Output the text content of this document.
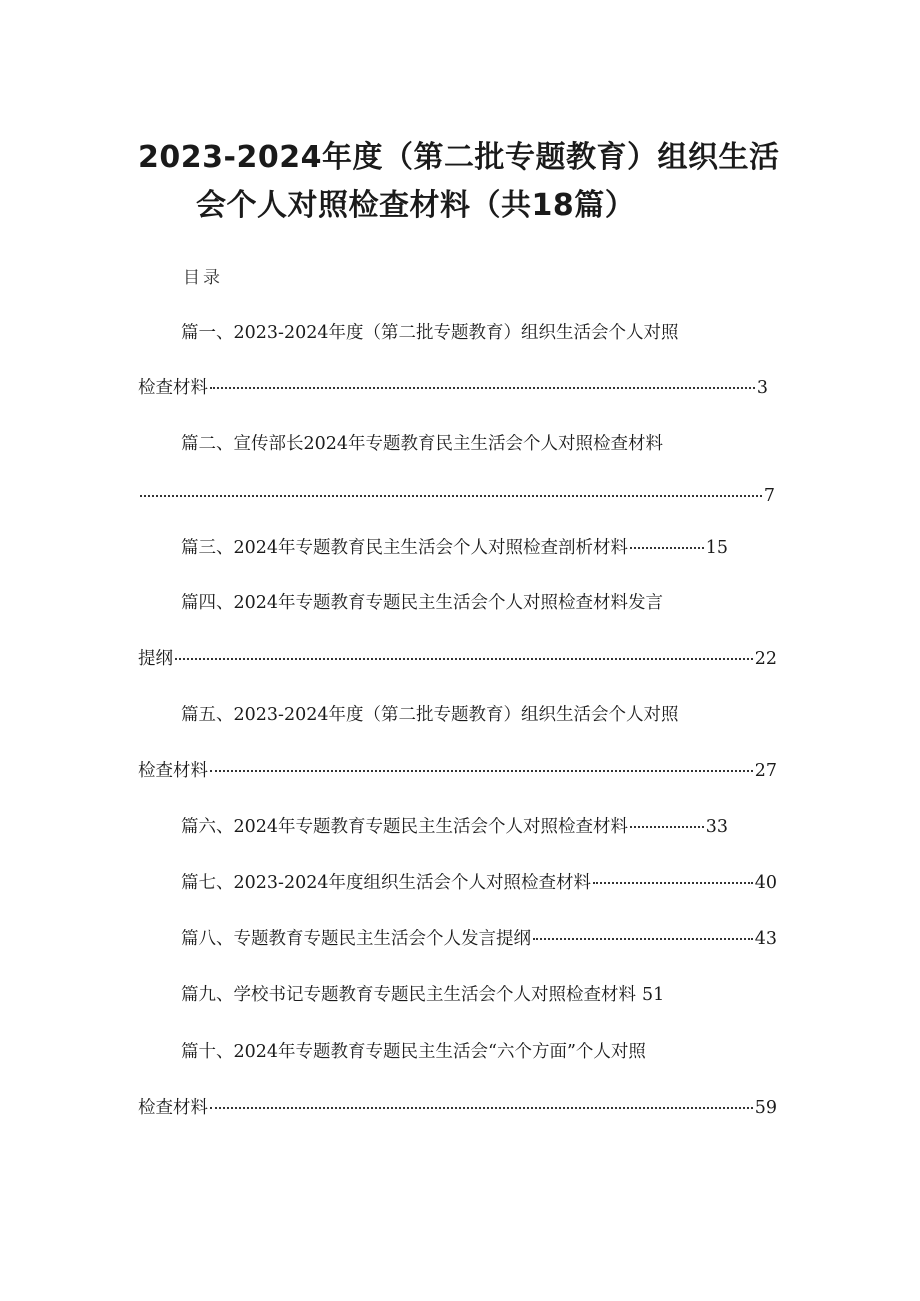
2023-2024年度（第二批专题教育）组织生活
会个人对照检查材料（共18篇）
目录
篇一、2023-2024年度（第二批专题教育）组织生活会个人对照
检查材料	3
篇二、宣传部长2024年专题教育民主生活会个人对照检查材料
7
篇三、2024年专题教育民主生活会个人对照检查剖析材料	15
篇四、2024年专题教育专题民主生活会个人对照检查材料发言
提纲	22
篇五、2023-2024年度（第二批专题教育）组织生活会个人对照
检查材料	27
篇六、2024年专题教育专题民主生活会个人对照检查材料	33
篇七、2023-2024年度组织生活会个人对照检查材料	40
篇八、专题教育专题民主生活会个人发言提纲	43
篇九、学校书记专题教育专题民主生活会个人对照检查材料 51
篇十、2024年专题教育专题民主生活会“六个方面”个人对照
检查材料	59
